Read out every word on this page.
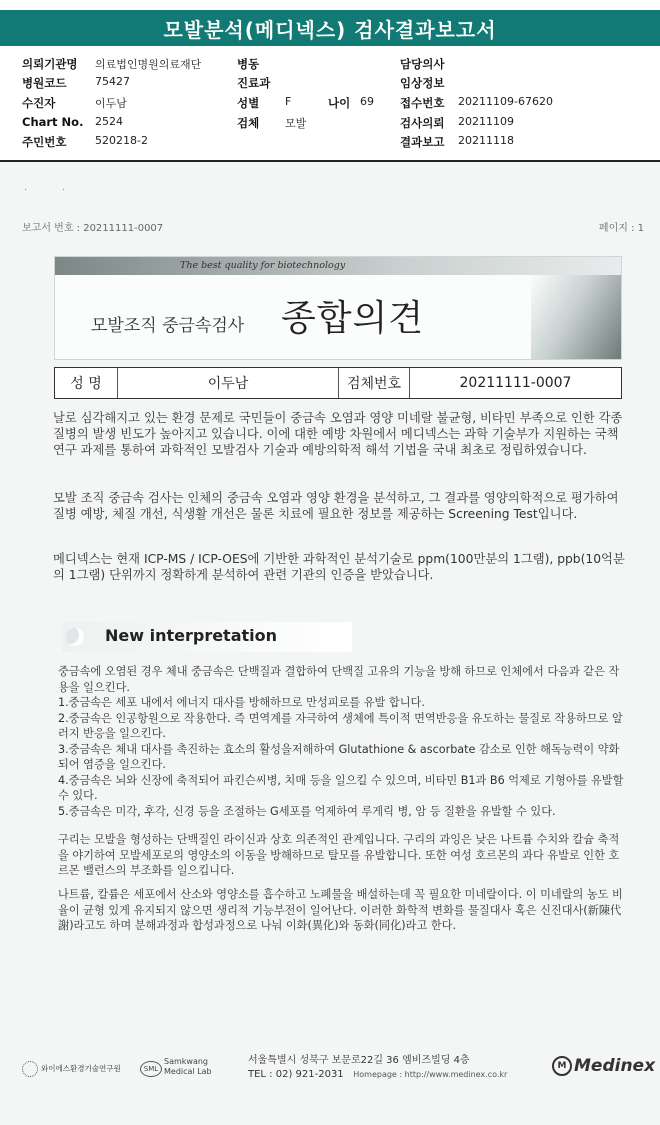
모발분석(메디넥스) 검사결과보고서
의뢰기관명 의료법인명원의료재단	병동	담당의사
병원코드	75427	진료과	임상정보
수진자	이두남	성별 F	나이 69 접수번호 20211109-67620
Chart No. 2524	검체 모발	검사의뢰 20211109
주민번호	520218-2	결과보고 20211118
·	·
보고서 번호 : 20211111-0007	페이지 : 1
The best quality for biotechnology
모발조직 중금속검사 종합의견
성 명	이두남	검체번호	20211111-0007
날로 심각해지고 있는 환경 문제로 국민들이 중금속 오염과 영양 미네랄 불균형, 비타민 부족으로 인한 각종 질병의 발생 빈도가 높아지고 있습니다. 이에 대한 예방 차원에서 메디넥스는 과학 기술부가 지원하는 국책 연구 과제를 통하여 과학적인 모발검사 기술과 예방의학적 해석 기법을 국내 최초로 정립하였습니다.
모발 조직 중금속 검사는 인체의 중금속 오염과 영양 환경을 분석하고, 그 결과를 영양의학적으로 평가하여 질병 예방, 체질 개선, 식생활 개선은 물론 치료에 필요한 정보를 제공하는 Screening Test입니다.
메디넥스는 현재 ICP-MS / ICP-OES에 기반한 과학적인 분석기술로 ppm(100만분의 1그램), ppb(10억분의 1그램) 단위까지 정확하게 분석하여 관련 기관의 인증을 받았습니다.
New interpretation
중금속에 오염된 경우 체내 중금속은 단백질과 결합하여 단백질 고유의 기능을 방해 하므로 인체에서 다음과 같은 작용을 일으킨다.
1.중금속은 세포 내에서 에너지 대사를 방해하므로 만성피로를 유발 합니다.
2.중금속은 인공항원으로 작용한다. 즉 면역계를 자극하여 생체에 특이적 면역반응을 유도하는 물질로 작용하므로 알러지 반응을 일으킨다.
3.중금속은 체내 대사를 촉진하는 효소의 활성을저해하여 Glutathione & ascorbate 감소로 인한 해독능력이 약화되어 염증을 일으킨다.
4.중금속은 뇌와 신장에 축적되어 파킨슨씨병, 치매 등을 일으킬 수 있으며, 비타민 B1과 B6 억제로 기형아를 유발할 수 있다.
5.중금속은 미각, 후각, 신경 등을 조절하는 G세포를 억제하여 루게릭 병, 암 등 질환을 유발할 수 있다.
구리는 모발을 형성하는 단백질인 라이신과 상호 의존적인 관계입니다. 구리의 과잉은 낮은 나트륨 수치와 칼슘 축적을 야기하여 모발세포로의 영양소의 이동을 방해하므로 탈모를 유발합니다. 또한 여성 호르몬의 과다 유발로 인한 호르몬 밸런스의 부조화를 일으킵니다.
나트륨, 칼륨은 세포에서 산소와 영양소를 흡수하고 노폐물을 배설하는데 꼭 필요한 미네랄이다. 이 미네랄의 농도 비율이 균형 있게 유지되지 않으면 생리적 기능부전이 일어난다. 이러한 화학적 변화를 물질대사 혹은 신진대사(新陳代謝)라고도 하며 분해과정과 합성과정으로 나눠 이화(異化)와 동화(同化)라고 한다.
와이에스환경기술연구원	SML
Samkwang
Medical Lab
서울특별시 성북구 보문로22길 36 엠비즈빌딩 4층
TEL : 02) 921-2031 Homepage : http://www.medinex.co.kr
M Medinex
